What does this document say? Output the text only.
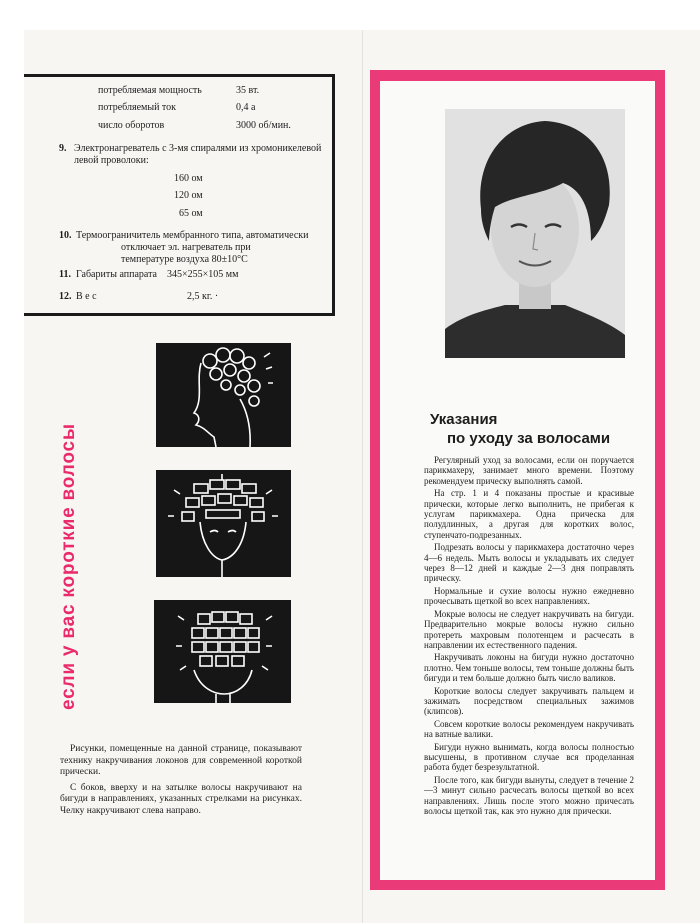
потребляемая мощность	35 вт.
потребляемый ток	0,4 а
число оборотов	3000 об/мин.
9. Электронагреватель с 3-мя спиралями из хромоникелевой
левой проволоки:
160 ом
120 ом
65 ом
10. Термоограничитель мембранного типа, автоматически
отключает эл. нагреватель при
температуре воздуха 80±10°С
11. Габариты аппарата 345×255×105 мм
12. В е с	2,5 кг. ·
если у вас короткие волосы

Рисунки, помещенные на данной странице, показывают технику накручивания локонов для современной короткой прически.

С боков, вверху и на затылке волосы накручивают на бигуди в направлениях, указанных стрелками на рисунках. Челку накручивают слева направо.

Указания
по уходу за волосами

Регулярный уход за волосами, если он поручается парикмахеру, занимает много времени. Поэтому рекомендуем прическу выполнять самой.

На стр. 1 и 4 показаны простые и красивые прически, которые легко выполнить, не прибегая к услугам парикмахера. Одна прическа для полудлинных, а другая для коротких волос, ступенчато-подрезанных.

Подрезать волосы у парикмахера достаточно через 4—6 недель. Мыть волосы и укладывать их следует через 8—12 дней и каждые 2—3 дня поправлять прическу.

Нормальные и сухие волосы нужно ежедневно прочесывать щеткой во всех направлениях.

Мокрые волосы не следует накручивать на бигуди. Предварительно мокрые волосы нужно сильно протереть махровым полотенцем и расчесать в направлении их естественного падения.

Накручивать локоны на бигуди нужно достаточно плотно. Чем тоньше волосы, тем тоньше должны быть бигуди и тем больше должно быть число валиков.

Короткие волосы следует закручивать пальцем и зажимать посредством специальных зажимов (клипсов).

Совсем короткие волосы рекомендуем накручивать на ватные валики.

Бигуди нужно вынимать, когда волосы полностью высушены, в противном случае вся проделанная работа будет безрезультатной.

После того, как бигуди вынуты, следует в течение 2—3 минут сильно расчесать волосы щеткой во всех направлениях. Лишь после этого можно причесать волосы щеткой так, как это нужно для прически.
